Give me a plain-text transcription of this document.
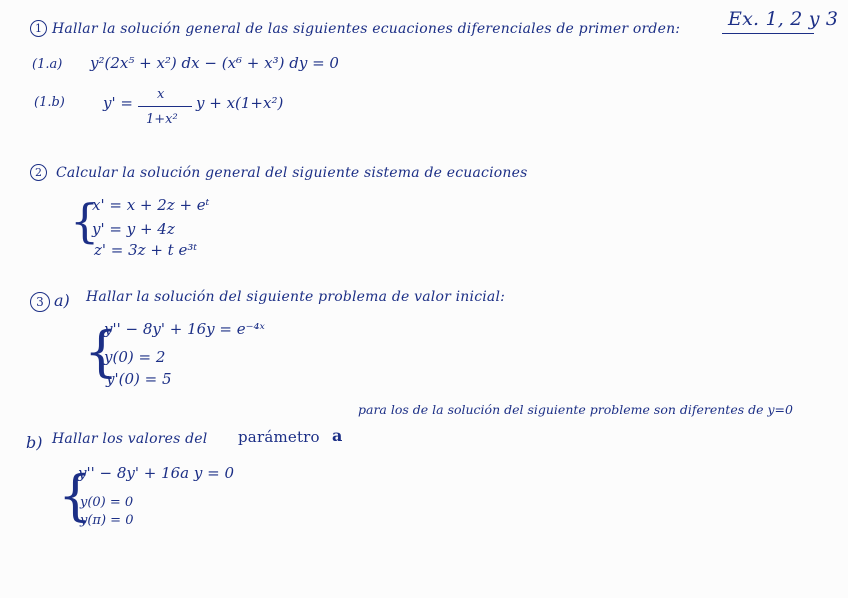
Ex. 1, 2 y 3
1 Hallar la solución general de las siguientes ecuaciones diferenciales de primer orden:
(1.a) y²(2x⁵ + x²) dx − (x⁶ + x³) dy = 0
(1.b)	y' = x
1+x²
y + x(1+x²)
2	Calcular la solución general del siguiente sistema de ecuaciones
{
x' = x + 2z + eᵗ
y' = y + 4z
z' = 3z + t e³ᵗ
3 a) Hallar la solución del siguiente problema de valor inicial:
{
y'' − 8y' + 16y = e⁻⁴ˣ
y(0) = 2
y'(0) = 5
b) Hallar los valores del parámetro a
para los de la solución del siguiente probleme son diferentes de y=0
{
y'' − 8y' + 16a y = 0
y(0) = 0
y(π) = 0
